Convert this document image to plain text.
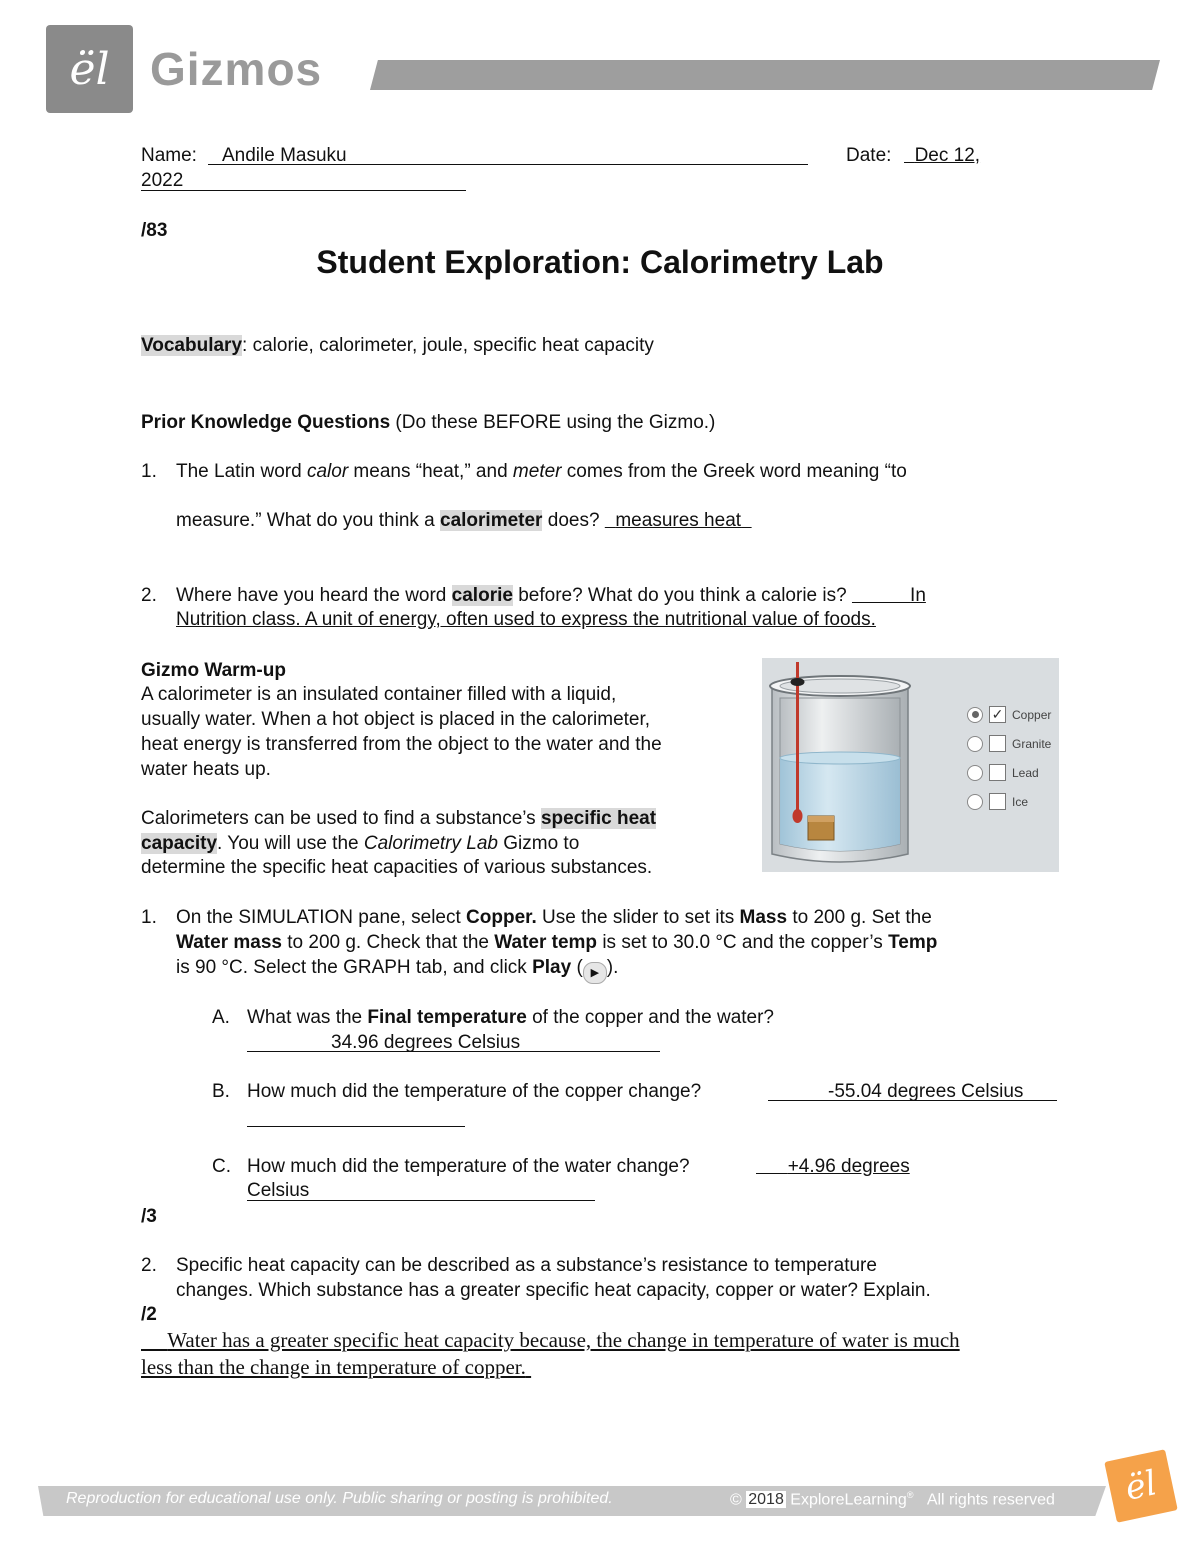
ël Gizmos
Name:	Andile Masuku	Date:	Dec 12,
2022
/83
Student Exploration: Calorimetry Lab
Vocabulary: calorie, calorimeter, joule, specific heat capacity
Prior Knowledge Questions (Do these BEFORE using the Gizmo.)
1. The Latin word calor means “heat,” and meter comes from the Greek word meaning “to
measure.” What do you think a calorimeter does? measures heat
2. Where have you heard the word calorie before? What do you think a calorie is?	In
Nutrition class. A unit of energy, often used to express the nutritional value of foods.
Gizmo Warm-up
A calorimeter is an insulated container filled with a liquid,
usually water. When a hot object is placed in the calorimeter,
heat energy is transferred from the object to the water and the
water heats up.
Calorimeters can be used to find a substance’s specific heat
capacity. You will use the Calorimetry Lab Gizmo to
determine the specific heat capacities of various substances.
✓ Copper
Granite
Lead
Ice
1. On the SIMULATION pane, select Copper. Use the slider to set its Mass to 200 g. Set the
Water mass to 200 g. Check that the Water temp is set to 30.0 °C and the copper’s Temp
is 90 °C. Select the GRAPH tab, and click Play ( ▶ ).
A. What was the Final temperature of the copper and the water?
34.96 degrees Celsius
B. How much did the temperature of the copper change?	-55.04 degrees Celsius
C. How much did the temperature of the water change?	+4.96 degrees
Celsius
/3
2. Specific heat capacity can be described as a substance’s resistance to temperature
changes. Which substance has a greater specific heat capacity, copper or water? Explain.
/2
Water has a greater specific heat capacity because, the change in temperature of water is much
less than the change in temperature of copper.
Reproduction for educational use only. Public sharing or posting is prohibited.	© 2018 ExploreLearning® All rights reserved ël
